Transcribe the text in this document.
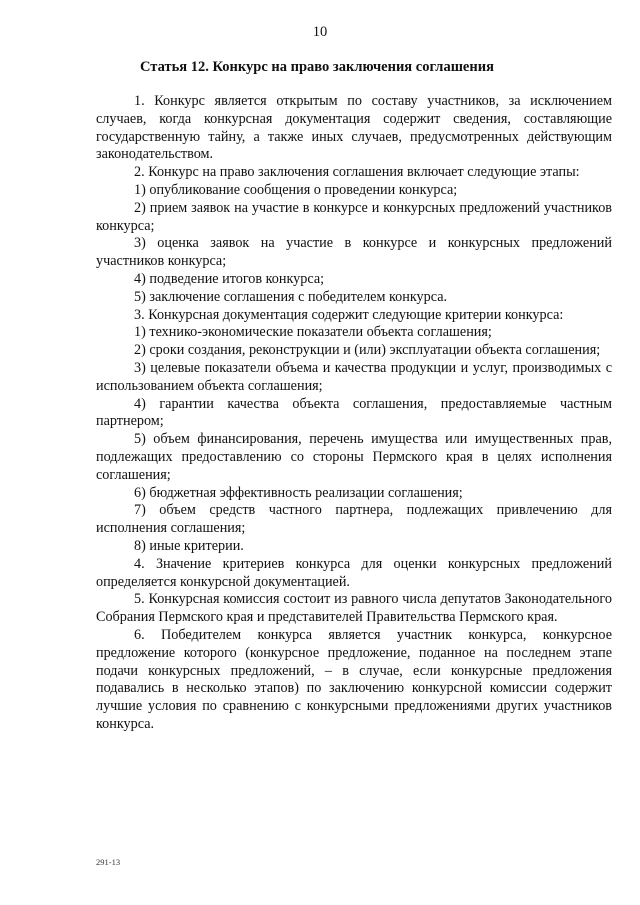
10
Статья 12. Конкурс на право заключения соглашения

1. Конкурс является открытым по составу участников, за исключением случаев, когда конкурсная документация содержит сведения, составляющие государственную тайну, а также иных случаев, предусмотренных действующим законодательством.

2. Конкурс на право заключения соглашения включает следующие этапы:

1) опубликование сообщения о проведении конкурса;

2) прием заявок на участие в конкурсе и конкурсных предложений участников конкурса;

3) оценка заявок на участие в конкурсе и конкурсных предложений участников конкурса;

4) подведение итогов конкурса;

5) заключение соглашения с победителем конкурса.

3. Конкурсная документация содержит следующие критерии конкурса:

1) технико-экономические показатели объекта соглашения;

2) сроки создания, реконструкции и (или) эксплуатации объекта соглашения;

3) целевые показатели объема и качества продукции и услуг, производимых с использованием объекта соглашения;

4) гарантии качества объекта соглашения, предоставляемые частным партнером;

5) объем финансирования, перечень имущества или имущественных прав, подлежащих предоставлению со стороны Пермского края в целях исполнения соглашения;

6) бюджетная эффективность реализации соглашения;

7) объем средств частного партнера, подлежащих привлечению для исполнения соглашения;

8) иные критерии.

4. Значение критериев конкурса для оценки конкурсных предложений определяется конкурсной документацией.

5. Конкурсная комиссия состоит из равного числа депутатов Законодательного Собрания Пермского края и представителей Правительства Пермского края.

6. Победителем конкурса является участник конкурса, конкурсное предложение которого (конкурсное предложение, поданное на последнем этапе подачи конкурсных предложений, – в случае, если конкурсные предложения подавались в несколько этапов) по заключению конкурсной комиссии содержит лучшие условия по сравнению с конкурсными предложениями других участников конкурса.

291-13
